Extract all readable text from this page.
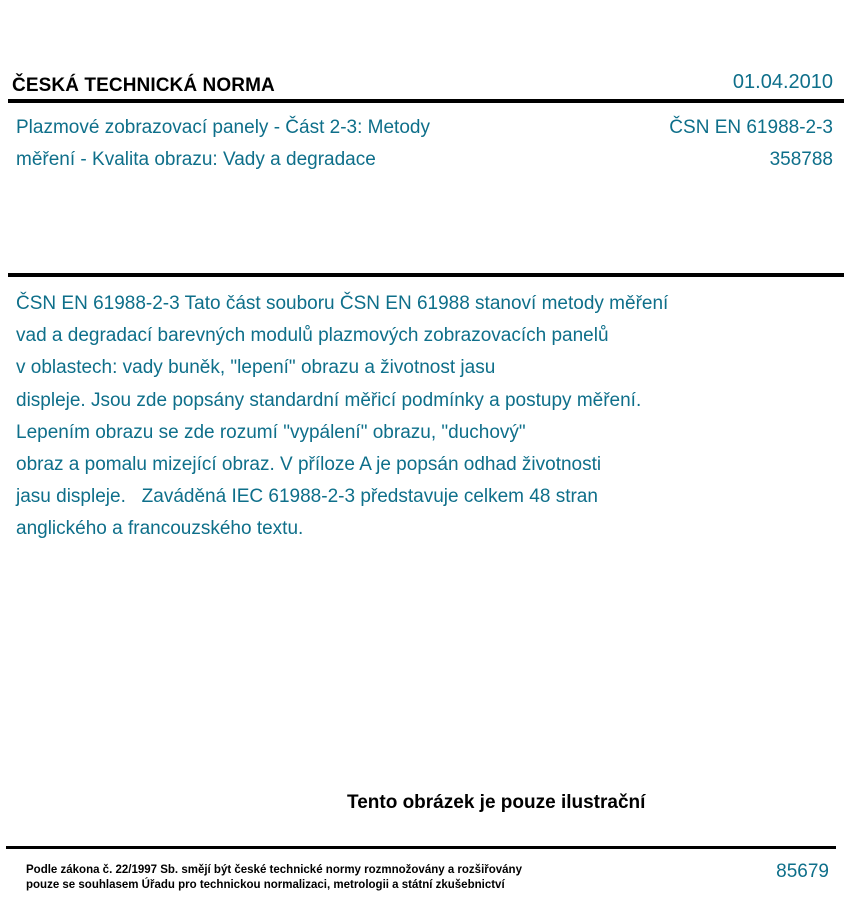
ČESKÁ TECHNICKÁ NORMA	01.04.2010
Plazmové zobrazovací panely - Část 2-3: Metody
měření - Kvalita obrazu: Vady a degradace
ČSN EN 61988-2-3
358788
ČSN EN 61988-2-3 Tato část souboru ČSN EN 61988 stanoví metody měření
vad a degradací barevných modulů plazmových zobrazovacích panelů
v oblastech: vady buněk, "lepení" obrazu a životnost jasu
displeje. Jsou zde popsány standardní měřicí podmínky a postupy měření.
Lepením obrazu se zde rozumí "vypálení" obrazu, "duchový"
obraz a pomalu mizející obraz. V příloze A je popsán odhad životnosti
jasu displeje.   Zaváděná IEC 61988-2-3 představuje celkem 48 stran
anglického a francouzského textu.
Tento obrázek je pouze ilustrační
Podle zákona č. 22/1997 Sb. smějí být české technické normy rozmnožovány a rozšiřovány
pouze se souhlasem Úřadu pro technickou normalizaci, metrologii a státní zkušebnictví
85679
